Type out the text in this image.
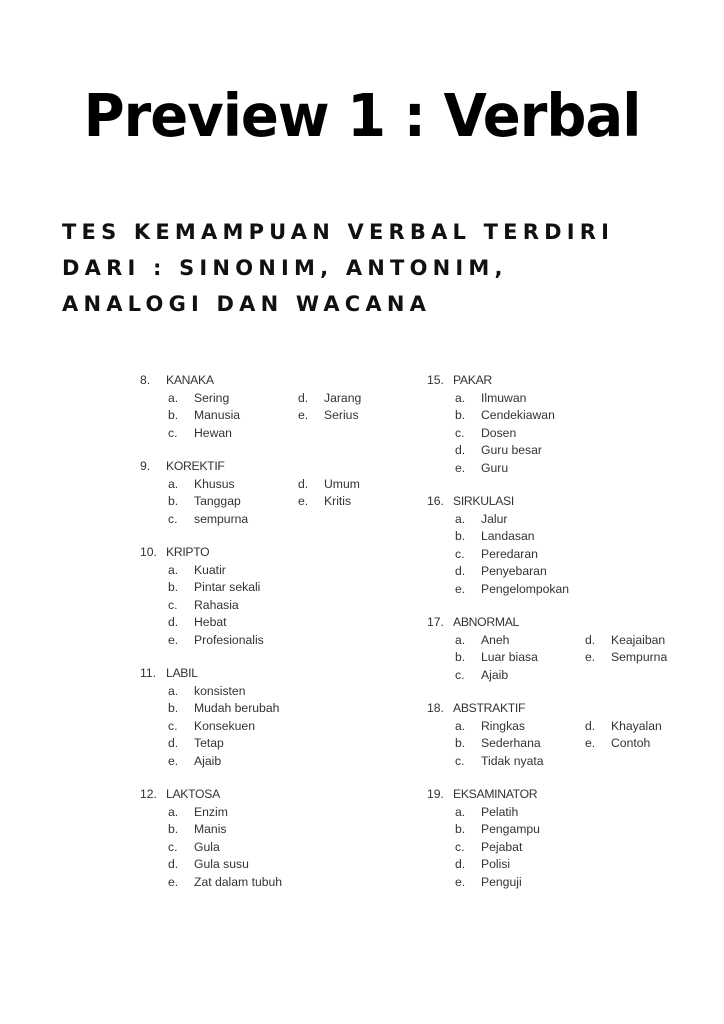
Preview 1 : Verbal
TES KEMAMPUAN VERBAL TERDIRI
DARI : SINONIM, ANTONIM,
ANALOGI DAN WACANA
8.	KANAKA
a.	Sering
b.	Manusia
c.	Hewan
d.	Jarang
e.	Serius
9.	KOREKTIF
a.	Khusus
b.	Tanggap
c.	sempurna
d.	Umum
e.	Kritis
10. KRIPTO
a.	Kuatir
b.	Pintar sekali
c.	Rahasia
d.	Hebat
e.	Profesionalis
11. LABIL
a.	konsisten
b.	Mudah berubah
c.	Konsekuen
d.	Tetap
e.	Ajaib
12. LAKTOSA
a.	Enzim
b.	Manis
c.	Gula
d.	Gula susu
e.	Zat dalam tubuh
15. PAKAR
a.	Ilmuwan
b.	Cendekiawan
c.	Dosen
d.	Guru besar
e.	Guru
16. SIRKULASI
a.	Jalur
b.	Landasan
c.	Peredaran
d.	Penyebaran
e.	Pengelompokan
17. ABNORMAL
a.	Aneh
b.	Luar biasa
c.	Ajaib
d.	Keajaiban
e.	Sempurna
18. ABSTRAKTIF
a.	Ringkas
b.	Sederhana
c.	Tidak nyata
d.	Khayalan
e.	Contoh
19. EKSAMINATOR
a.	Pelatih
b.	Pengampu
c.	Pejabat
d.	Polisi
e.	Penguji
